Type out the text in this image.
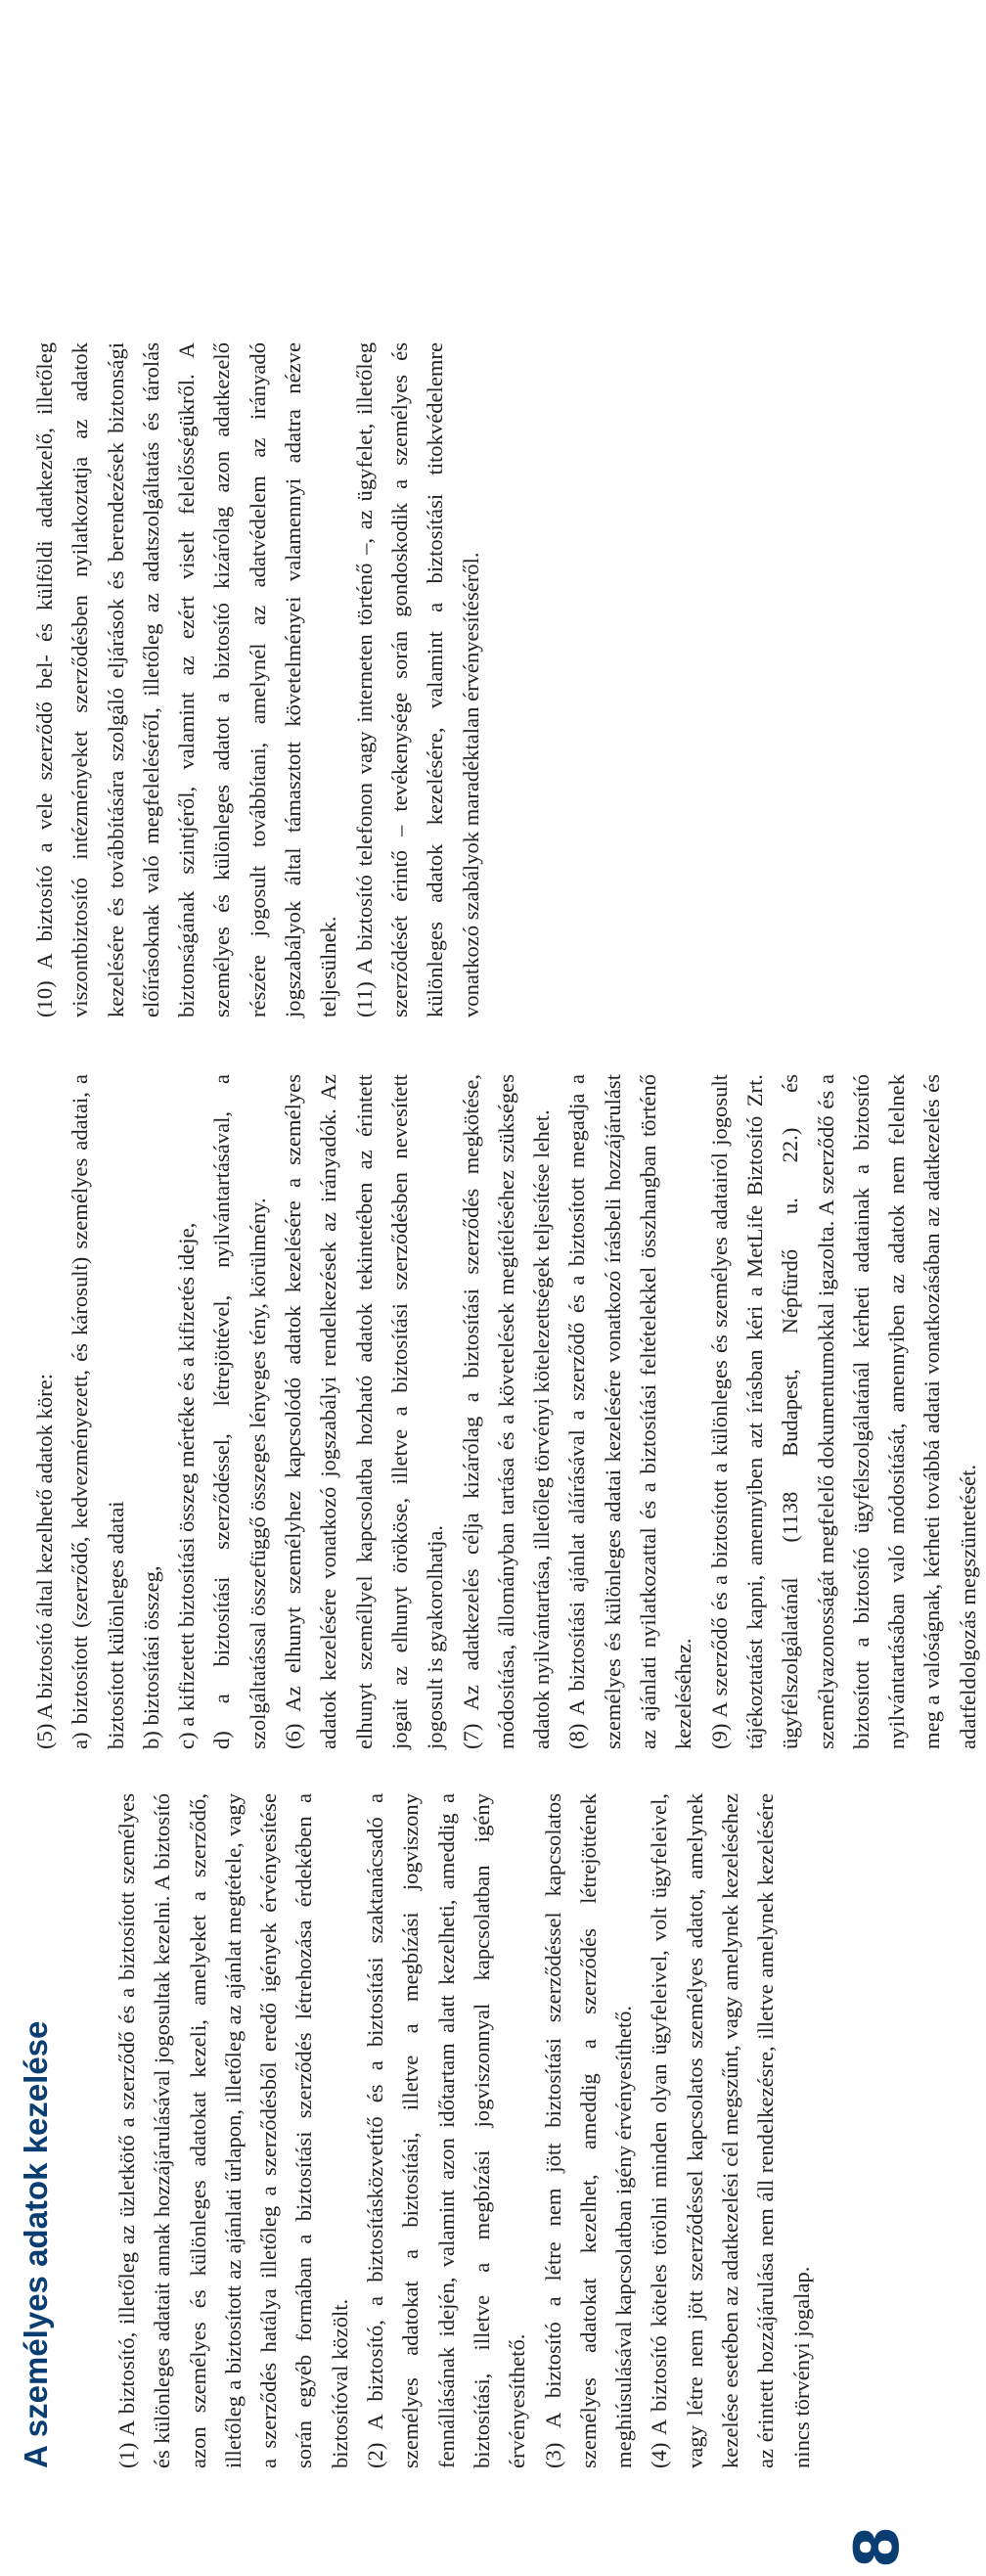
8
A személyes adatok kezelése	(1) A biztosító, illetőleg az üzletkötő a szerződő és a biztosított személyes és különleges adatait annak hozzájárulásával jogosultak kezelni. A biztosító azon személyes és különleges adatokat kezeli, amelyeket a szerződő, illetőleg a biztosított az ajánlati űrlapon, illetőleg az ajánlat megtétele, vagy a szerződés hatálya illetőleg a szerződésből eredő igények érvényesítése során egyéb formában a biztosítási szerződés létrehozása érdekében a biztosítóval közölt. (2) A biztosító, a biztosításközvetítő és a biztosítási szaktanácsadó a személyes adatokat a biztosítási, illetve a megbízási jogviszony fennállásának idején, valamint azon időtartam alatt kezelheti, ameddig a biztosítási, illetve a megbízási jogviszonnyal kapcsolatban igény érvényesíthető. (3) A biztosító a létre nem jött biztosítási szerződéssel kapcsolatos személyes adatokat kezelhet, ameddig a szerződés létrejöttének meghiúsulásával kapcsolatban igény érvényesíthető. (4) A biztosító köteles törölni minden olyan ügyfeleivel, volt ügyfeleivel, vagy létre nem jött szerződéssel kapcsolatos személyes adatot, amelynek kezelése esetében az adatkezelési cél megszűnt, vagy amelynek kezeléséhez az érintett hozzájárulása nem áll rendelkezésre, illetve amelynek kezelésére nincs törvényi jogalap.

(5) A biztosító által kezelhető adatok köre: a) biztosított (szerződő, kedvezményezett, és károsult) személyes adatai, a biztosított különleges adatai b) biztosítási összeg, c) a kifizetett biztosítási összeg mértéke és a kifizetés ideje, d) a biztosítási szerződéssel, létrejöttével, nyilvántartásával, a szolgáltatással összefüggő összeges lényeges tény, körülmény. (6) Az elhunyt személyhez kapcsolódó adatok kezelésére a személyes adatok kezelésére vonatkozó jogszabályi rendelkezések az irányadók. Az elhunyt személlyel kapcsolatba hozható adatok tekintetében az érintett jogait az elhunyt örököse, illetve a biztosítási szerződésben nevesített jogosult is gyakorolhatja. (7) Az adatkezelés célja kizárólag a biztosítási szerződés megkötése, módosítása, állományban tartása és a követelések megítéléséhez szükséges adatok nyilvántartása, illetőleg törvényi kötelezettségek teljesítése lehet. (8) A biztosítási ajánlat aláírásával a szerződő és a biztosított megadja a személyes és különleges adatai kezelésére vonatkozó írásbeli hozzájárulást az ajánlati nyilatkozattal és a biztosítási feltételekkel összhangban történő kezeléséhez. (9) A szerződő és a biztosított a különleges és személyes adatairól jogosult tájékoztatást kapni, amennyiben azt írásban kéri a MetLife Biztosító Zrt. ügyfélszolgálatánál (1138 Budapest, Népfürdő u. 22.) és személyazonosságát megfelelő dokumentumokkal igazolta. A szerződő és a biztosított a biztosító ügyfélszolgálatánál kérheti adatainak a biztosító nyilvántartásában való módosítását, amennyiben az adatok nem felelnek meg a valóságnak, kérheti továbbá adatai vonatkozásában az adatkezelés és adatfeldolgozás megszüntetését.

(10) A biztosító a vele szerződő bel- és külföldi adatkezelő, illetőleg viszontbiztosító intézményeket szerződésben nyilatkoztatja az adatok kezelésére és továbbítására szolgáló eljárások és berendezések biztonsági előírásoknak való megfelelésérőI, illetőleg az adatszolgáltatás és tárolás biztonságának szintjéről, valamint az ezért viselt felelősségükről. A személyes és különleges adatot a biztosító kizárólag azon adatkezelő részére jogosult továbbítani, amelynél az adatvédelem az irányadó jogszabályok által támasztott követelményei valamennyi adatra nézve teljesülnek. (11) A biztosító telefonon vagy interneten történő –, az ügyfelet, illetőleg szerződését érintő – tevékenysége során gondoskodik a személyes és különleges adatok kezelésére, valamint a biztosítási titokvédelemre vonatkozó szabályok maradéktalan érvényesítéséről.
